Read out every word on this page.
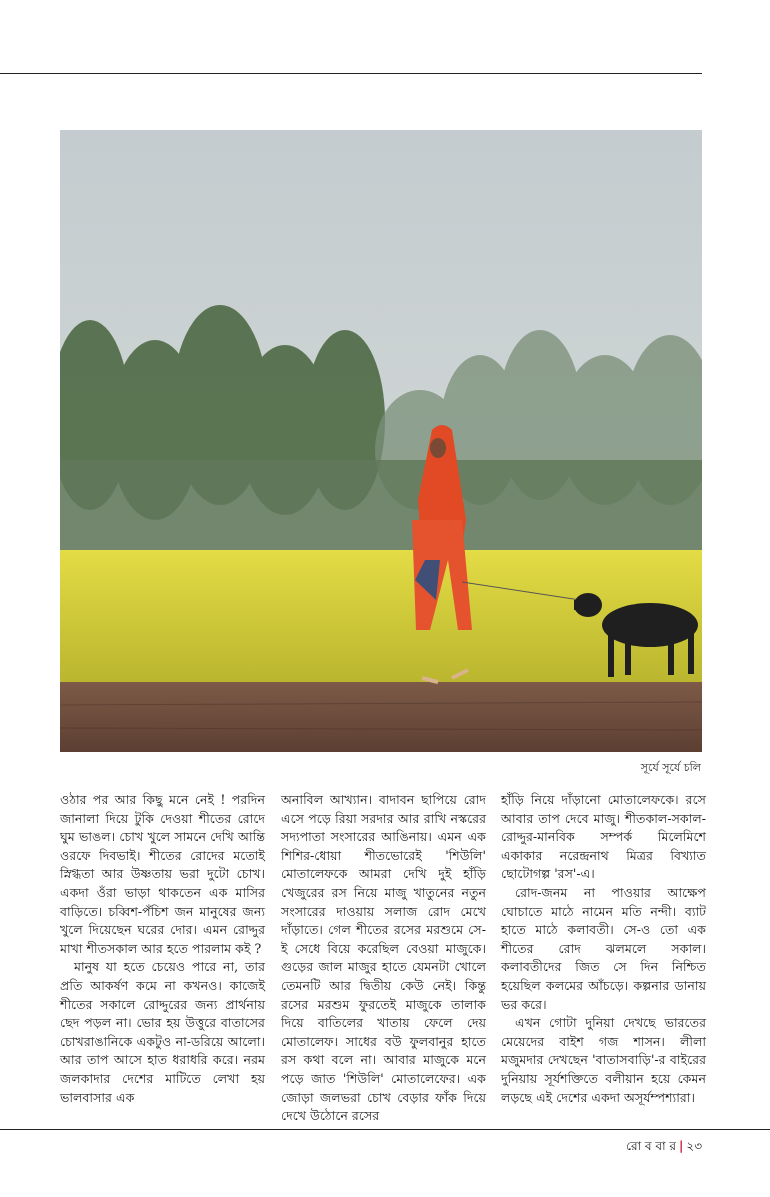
সূর্যে সূর্যে চলি

ওঠার পর আর কিছু মনে নেই ! পরদিন জানালা দিয়ে টুকি দেওয়া শীতের রোদে ঘুম ভাঙল। চোখ খুলে সামনে দেখি আন্তি ওরফে দিবভাই। শীতের রোদের মতোই স্নিগ্ধতা আর উষ্ণতায় ভরা দুটো চোখ। একদা ওঁরা ভাড়া থাকতেন এক মাসির বাড়িতে। চব্বিশ-পঁচিশ জন মানুষের জন্য খুলে দিয়েছেন ঘরের দোর। এমন রোদ্দুর মাখা শীতসকাল আর হতে পারলাম কই ?

মানুষ যা হতে চেয়েও পারে না, তার প্রতি আকর্ষণ কমে না কখনও। কাজেই শীতের সকালে রোদ্দুরের জন্য প্রার্থনায় ছেদ পড়ল না। ভোর হয় উত্তুরে বাতাসের চোখরাঙানিকে একটুও না-ডরিয়ে আলো। আর তাপ আসে হাত ধরাধরি করে। নরম জলকাদার দেশের মাটিতে লেখা হয় ভালবাসার এক

অনাবিল আখ্যান। বাদাবন ছাপিয়ে রোদ এসে পড়ে রিয়া সরদার আর রাখি নস্করের সদ্যপাতা সংসারের আঙিনায়। এমন এক শিশির-ধোয়া শীতভোরেই 'শিউলি' মোতালেফকে আমরা দেখি দুই হাঁড়ি খেজুরের রস নিয়ে মাজু খাতুনের নতুন সংসারের দাওয়ায় সলাজ রোদ মেখে দাঁড়াতে। গেল শীতের রসের মরশুমে সে-ই সেধে বিয়ে করেছিল বেওয়া মাজুকে। গুড়ের জাল মাজুর হাতে যেমনটা খোলে তেমনটি আর দ্বিতীয় কেউ নেই। কিন্তু রসের মরশুম ফুরতেই মাজুকে তালাক দিয়ে বাতিলের খাতায় ফেলে দেয় মোতালেফ। সাধের বউ ফুলবানুর হাতে রস কথা বলে না। আবার মাজুকে মনে পড়ে জাত 'শিউলি' মোতালেফের। এক জোড়া জলভরা চোখ বেড়ার ফাঁক দিয়ে দেখে উঠোনে রসের

হাঁড়ি নিয়ে দাঁড়ানো মোতালেফকে। রসে আবার তাপ দেবে মাজু। শীতকাল-সকাল-রোদ্দুর-মানবিক সম্পর্ক মিলেমিশে একাকার নরেন্দ্রনাথ মিত্রর বিখ্যাত ছোটোগল্প 'রস'-এ।

রোদ-জনম না পাওয়ার আক্ষেপ ঘোচাতে মাঠে নামেন মতি নন্দী। ব্যাট হাতে মাঠে কলাবতী। সে-ও তো এক শীতের রোদ ঝলমলে সকাল। কলাবতীদের জিত সে দিন নিশ্চিত হয়েছিল কলমের আঁচড়ে। কল্পনার ডানায় ভর করে।

এখন গোটা দুনিয়া দেখছে ভারতের মেয়েদের বাইশ গজ শাসন। লীলা মজুমদার দেখছেন 'বাতাসবাড়ি'-র বাইরের দুনিয়ায় সূর্যশক্তিতে বলীয়ান হয়ে কেমন লড়ছে এই দেশের একদা অসূর্যম্পশ্যারা।

রো ব বা র | ২৩
